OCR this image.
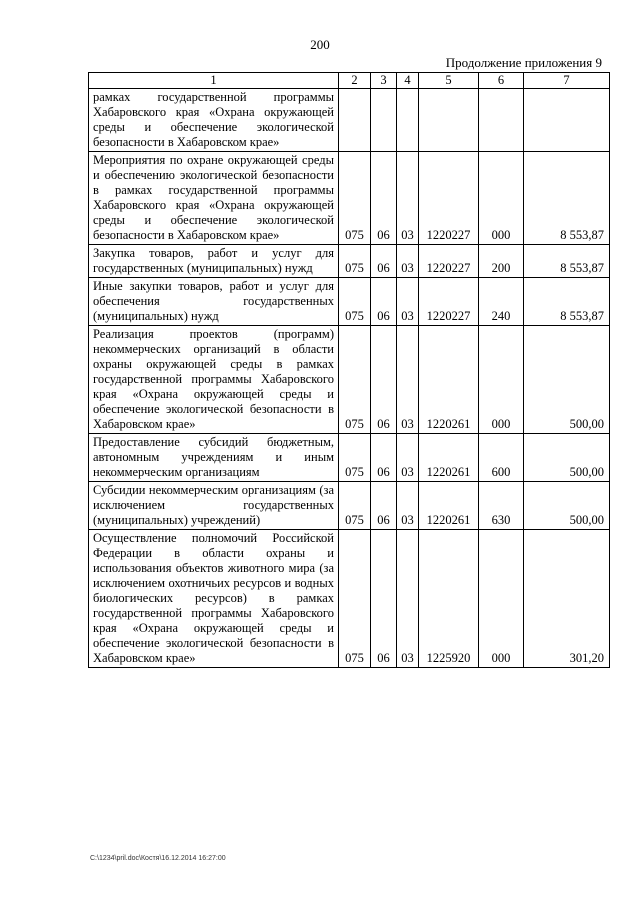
200
Продолжение приложения 9
1	2	3	4	5	6	7
рамках государственной программы Хабаровского края «Охрана окружающей среды и обеспечение экологической безопасности в Хабаровском крае»						
Мероприятия по охране окружающей среды и обеспечению экологической безопасности в рамках государственной программы Хабаровского края «Охрана окружающей среды и обеспечение экологической безопасности в Хабаровском крае»	075	06	03	1220227	000	8 553,87
Закупка товаров, работ и услуг для государственных (муниципальных) нужд	075	06	03	1220227	200	8 553,87
Иные закупки товаров, работ и услуг для обеспечения государственных (муниципальных) нужд	075	06	03	1220227	240	8 553,87
Реализация проектов (программ) некоммерческих организаций в области охраны окружающей среды в рамках государственной программы Хабаровского края «Охрана окружающей среды и обеспечение экологической безопасности в Хабаровском крае»	075	06	03	1220261	000	500,00
Предоставление субсидий бюджетным, автономным учреждениям и иным некоммерческим организациям	075	06	03	1220261	600	500,00
Субсидии некоммерческим организациям (за исключением государственных (муниципальных) учреждений)	075	06	03	1220261	630	500,00
Осуществление полномочий Российской Федерации в области охраны и использования объектов животного мира (за исключением охотничьих ресурсов и водных биологических ресурсов) в рамках государственной программы Хабаровского края «Охрана окружающей среды и обеспечение экологической безопасности в Хабаровском крае»	075	06	03	1225920	000	301,20
C:\1234\pril.doc\Костя\16.12.2014 16:27:00
